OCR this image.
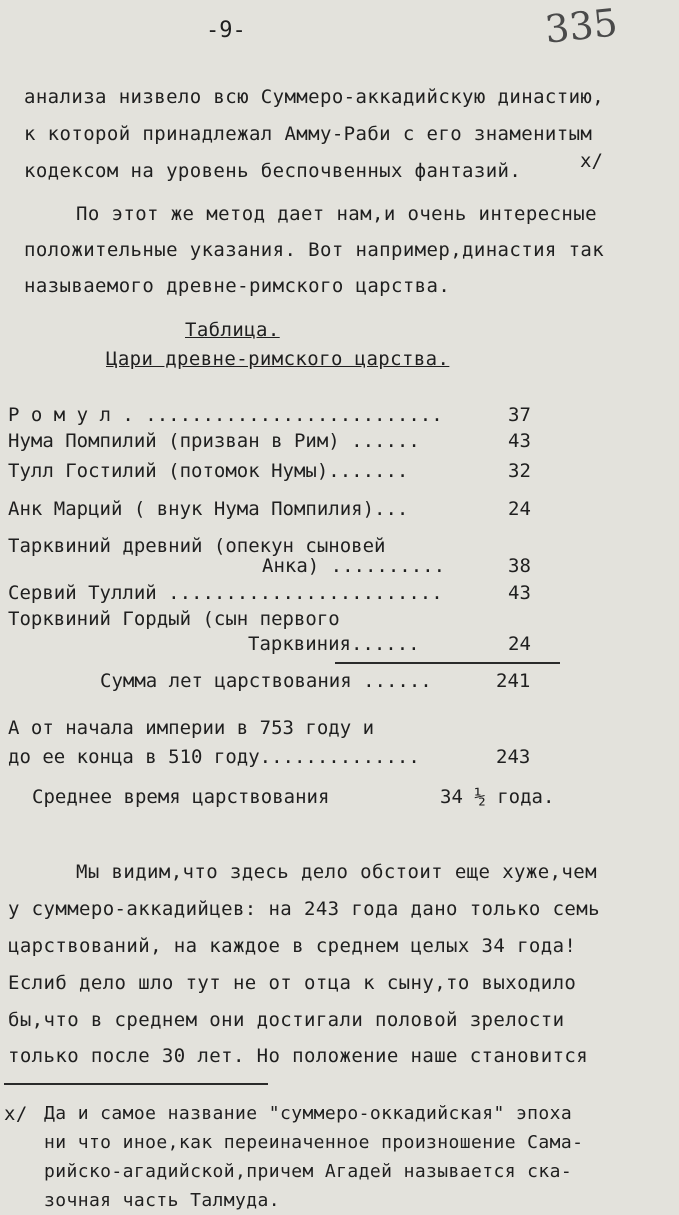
-9-	335
анализа низвело всю Суммеро-аккадийскую династию,
к которой принадлежал Амму-Раби с его знаменитым
кодексом на уровень беспочвенных фантазий.	х/
По этот же метод дает нам,и очень интересные
положительные указания. Вот например,династия так
называемого древне-римского царства.
Таблица.
Цари древне-римского царства.
Р о м у л . ..........................	37
Нума Помпилий (призван в Рим) ......	43
Тулл Гостилий (потомок Нумы).......	32
Анк Марций ( внук Нума Помпилия)...	24
Тарквиний древний (опекун сыновей
Анка) ..........	38
Сервий Туллий ........................	43
Торквиний Гордый (сын первого
Тарквиния......	24
Сумма лет царствования ......	241
А от начала империи в 753 году и
до ее конца в 510 году..............	243
Среднее время царствования	34 ½ года.
Мы видим,что здесь дело обстоит еще хуже,чем
у суммеро-аккадийцев: на 243 года дано только семь
царствований, на каждое в среднем целых 34 года!
Еслиб дело шло тут не от отца к сыну,то выходило
бы,что в среднем они достигали половой зрелости
только после 30 лет. Но положение наше становится
х/ Да и самое название "суммеро-оккадийская" эпоха
ни что иное,как переиначенное произношение Сама-
рийско-агадийской,причем Агадей называется ска-
зочная часть Талмуда.
